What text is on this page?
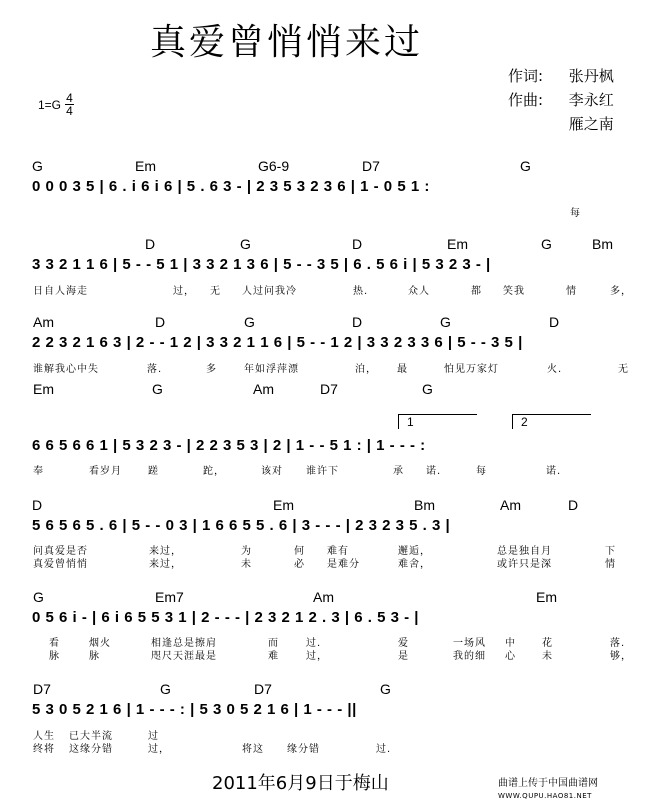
真爱曾悄悄来过
作词: 张丹枫
作曲: 李永红
雁之南
$1=G \frac{4}{4}$
G	Em	G6-9	D7	G
0 0 0 3 5 | 6 . i 6 i 6 | 5 . 6 3 - | 2 3 5 3 2 3 6 | 1 - 0 5 1 :
每
D	G	D	Em	G	Bm
3 3 2 1 1 6 | 5 - - 5 1 | 3 3 2 1 3 6 | 5 - - 3 5 | 6 . 5 6 i | 5 3 2 3 - |
日自人海走	过， 无 人过问我冷	热.	众人	都 笑我	情	多，
Am	D	G	D	G	D
2 2 3 2 1 6 3 | 2 - - 1 2 | 3 3 2 1 1 6 | 5 - - 1 2 | 3 3 2 3 3 6 | 5 - - 3 5 |
谁解我心中失	落.	多	年如浮萍漂	泊， 最	怕见万家灯	火.	无
Em	G	Am	D7	G
6 6 5 6 6 1 | 5 3 2 3 - | 2 2 3 5 3 | 2 | 1 - - 5 1 : | 1 - - - :
奉	看岁月	蹉	跎，	该对 谁许下	承 诺.	每	诺.
1	2
D	Em	Bm	Am	D
5 6 5 6 5 . 6 | 5 - - 0 3 | 1 6 6 5 5 . 6 | 3 - - - | 2 3 2 3 5 . 3 |
问真爱是否	来过，	为	何 难有	邂逅，	总是独自月	下
真爱曾悄悄	来过，	未	必 是难分	难舍，	或许只是深	情
G	Em7	Am	Em
0 5 6 i - | 6 i 6 5 5 3 1 | 2 - - - | 2 3 2 1 2 . 3 | 6 . 5 3 - |
看	烟火	相逢总是擦肩	而	过.	爱	一场风 中	花	落.
脉	脉	咫尺天涯最是	难	过，	是	我的细 心	未	够，
D7	G	D7	G
5 3 0 5 2 1 6 | 1 - - - : | 5 3 0 5 2 1 6 | 1 - - - ||
人生 已大半流	过
终将 这缘分错	过，	将这 缘分错	过.
2011年6月9日于梅山	曲谱上传于中国曲谱网
WWW.QUPU.HAO81.NET
